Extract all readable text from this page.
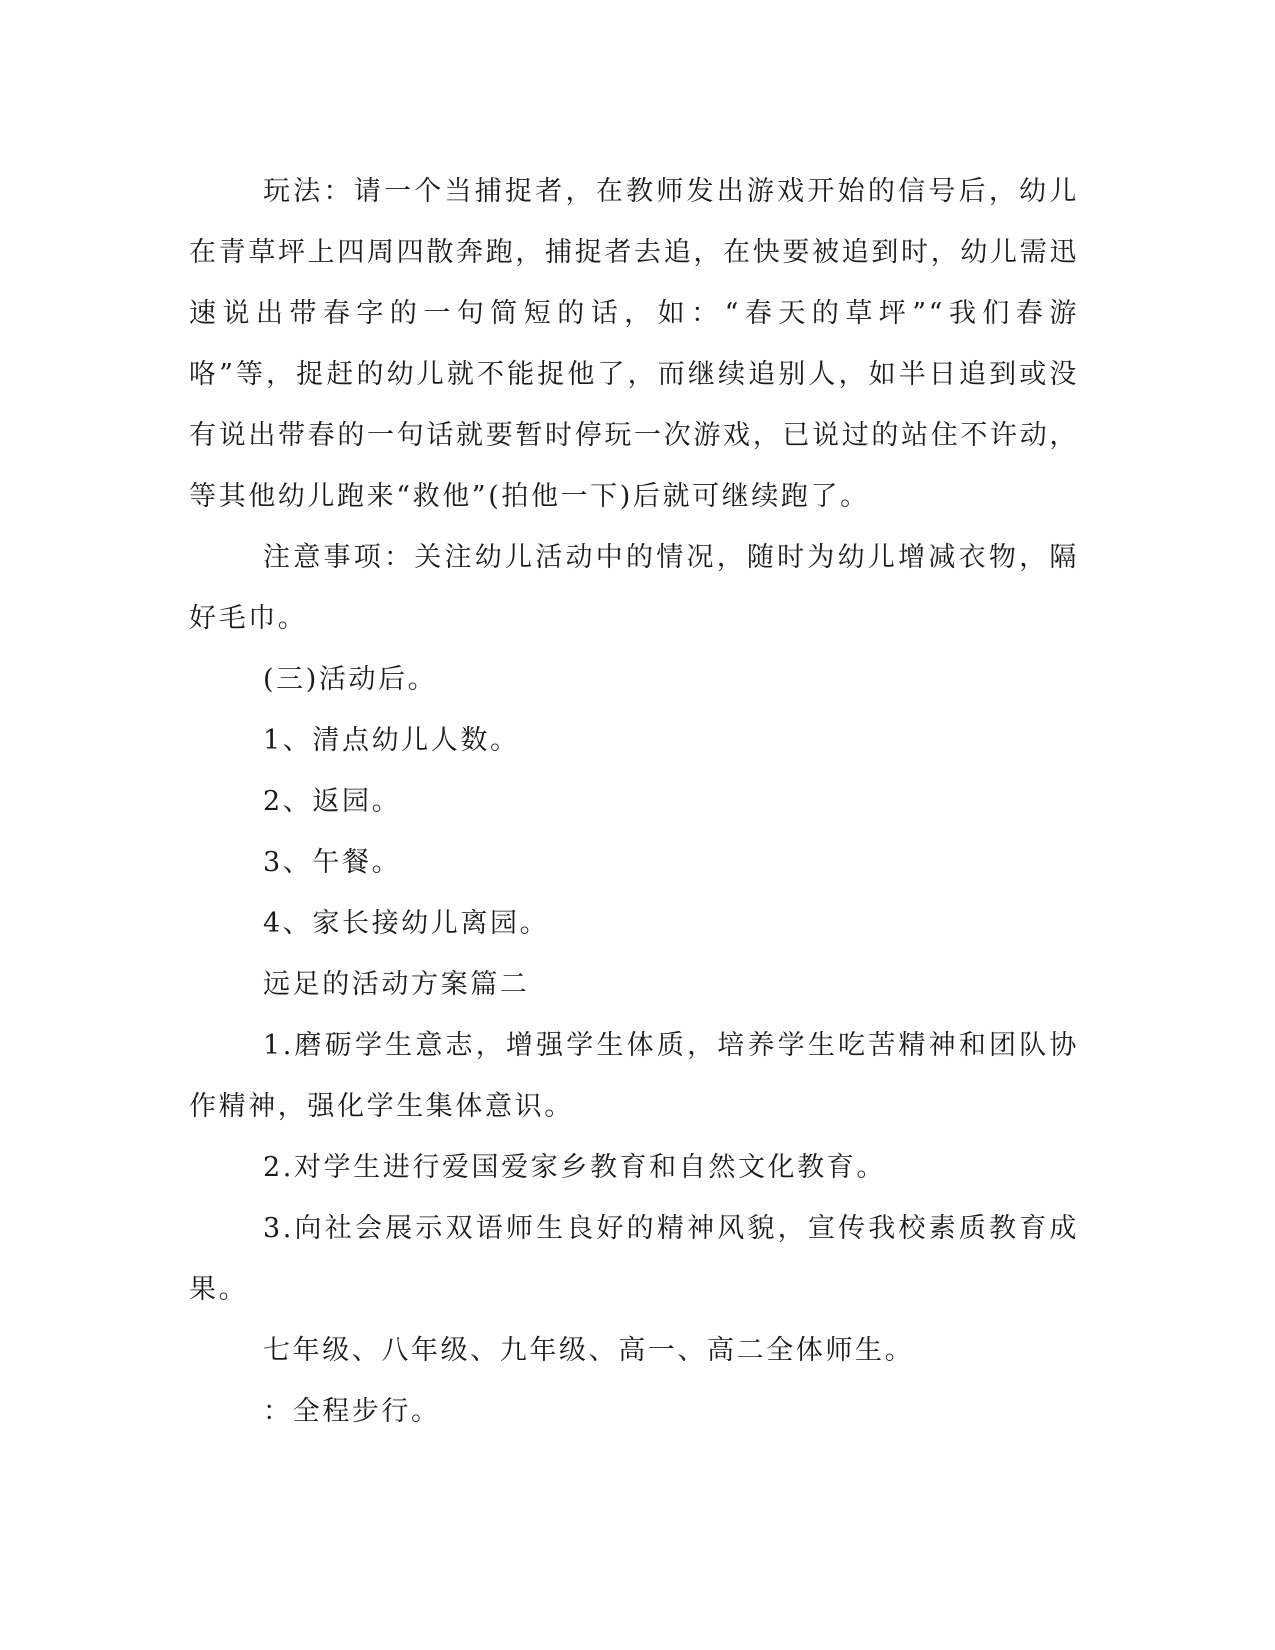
玩法：请一个当捕捉者，在教师发出游戏开始的信号后，幼儿在青草坪上四周四散奔跑，捕捉者去追，在快要被追到时，幼儿需迅速说出带春字的一句简短的话，如：“春天的草坪”“我们春游咯”等，捉赶的幼儿就不能捉他了，而继续追别人，如半日追到或没有说出带春的一句话就要暂时停玩一次游戏，已说过的站住不许动，等其他幼儿跑来“救他”(拍他一下)后就可继续跑了。

注意事项：关注幼儿活动中的情况，随时为幼儿增减衣物，隔好毛巾。

(三)活动后。

1、清点幼儿人数。

2、返园。

3、午餐。

4、家长接幼儿离园。

远足的活动方案篇二

1.磨砺学生意志，增强学生体质，培养学生吃苦精神和团队协作精神，强化学生集体意识。

2.对学生进行爱国爱家乡教育和自然文化教育。

3.向社会展示双语师生良好的精神风貌，宣传我校素质教育成果。

七年级、八年级、九年级、高一、高二全体师生。

：全程步行。
